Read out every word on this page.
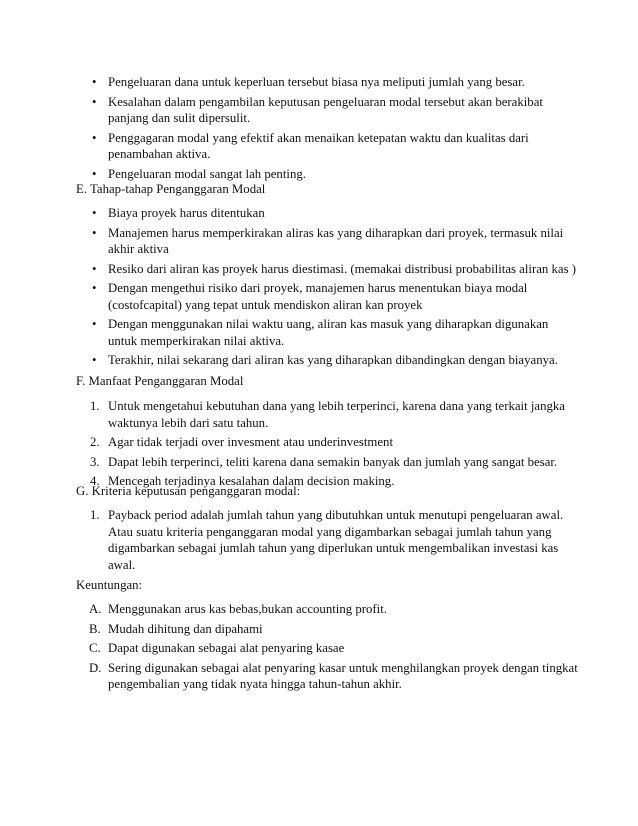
• Pengeluaran dana untuk keperluan tersebut biasa nya meliputi jumlah yang besar.
• Kesalahan dalam pengambilan keputusan pengeluaran modal tersebut akan berakibat panjang dan sulit dipersulit.
• Penggagaran modal yang efektif akan menaikan ketepatan waktu dan kualitas dari penambahan aktiva.
• Pengeluaran modal sangat lah penting.
E. Tahap-tahap Penganggaran Modal
• Biaya proyek harus ditentukan
• Manajemen harus memperkirakan aliras kas yang diharapkan dari proyek, termasuk nilai akhir aktiva
• Resiko dari aliran kas proyek harus diestimasi. (memakai distribusi probabilitas aliran kas )
• Dengan mengethui risiko dari proyek, manajemen harus menentukan biaya modal (costofcapital) yang tepat untuk mendiskon aliran kan proyek
• Dengan menggunakan nilai waktu uang, aliran kas masuk yang diharapkan digunakan untuk memperkirakan nilai aktiva.
• Terakhir, nilai sekarang dari aliran kas yang diharapkan dibandingkan dengan biayanya.
F. Manfaat Penganggaran Modal
1. Untuk mengetahui kebutuhan dana yang lebih terperinci, karena dana yang terkait jangka waktunya lebih dari satu tahun.
2. Agar tidak terjadi over invesment atau underinvestment
3. Dapat lebih terperinci, teliti karena dana semakin banyak dan jumlah yang sangat besar.
4. Mencegah terjadinya kesalahan dalam decision making.
G. Kriteria keputusan penganggaran modal:
1. Payback period adalah jumlah tahun yang dibutuhkan untuk menutupi pengeluaran awal. Atau suatu kriteria penganggaran modal yang digambarkan sebagai jumlah tahun yang digambarkan sebagai jumlah tahun yang diperlukan untuk mengembalikan investasi kas awal.
Keuntungan:
A. Menggunakan arus kas bebas,bukan accounting profit.
B. Mudah dihitung dan dipahami
C. Dapat digunakan sebagai alat penyaring kasae
D. Sering digunakan sebagai alat penyaring kasar untuk menghilangkan proyek dengan tingkat pengembalian yang tidak nyata hingga tahun-tahun akhir.
